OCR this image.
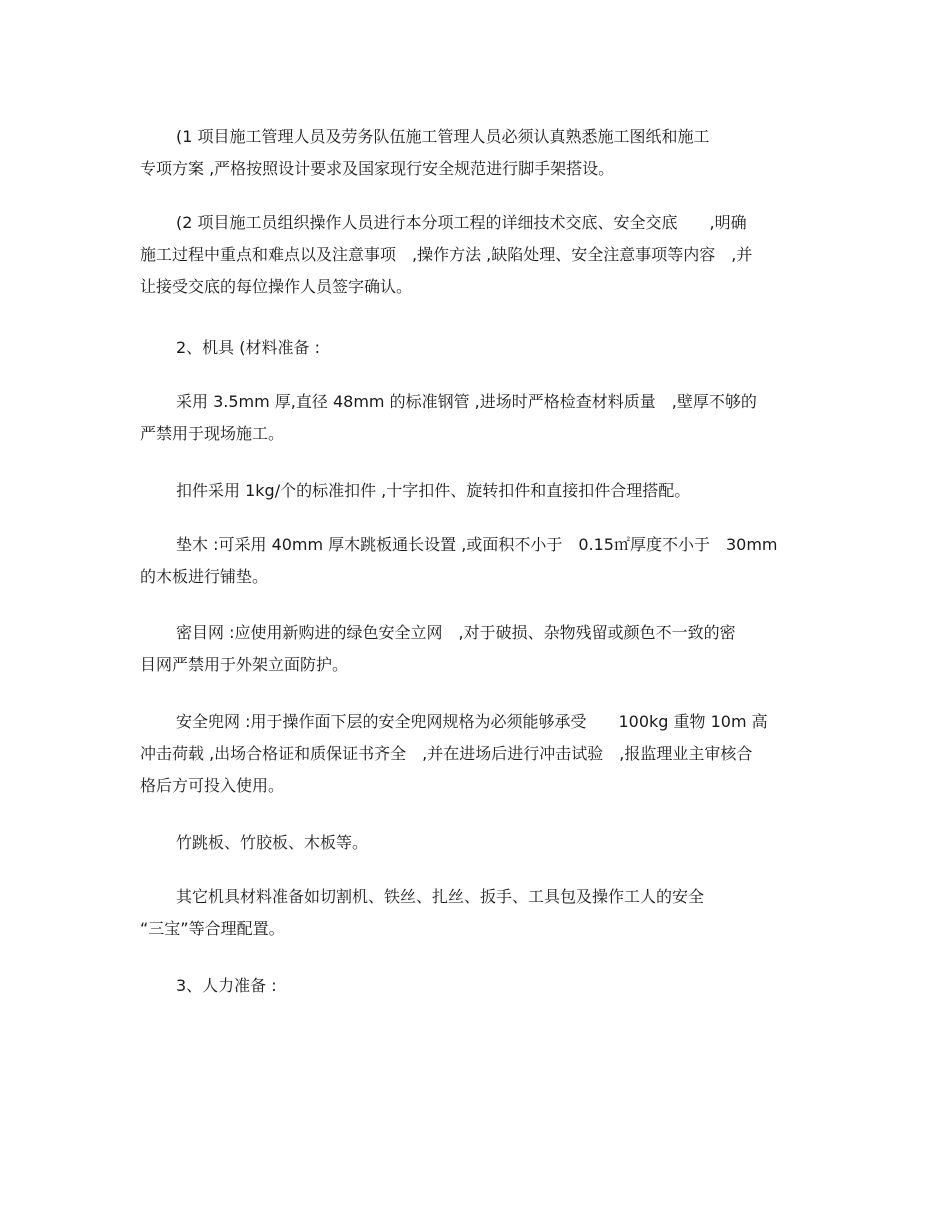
(1 项目施工管理人员及劳务队伍施工管理人员必须认真熟悉施工图纸和施工
专项方案 ,严格按照设计要求及国家现行安全规范进行脚手架搭设。
(2 项目施工员组织操作人员进行本分项工程的详细技术交底、安全交底　　,明确
施工过程中重点和难点以及注意事项　,操作方法 ,缺陷处理、安全注意事项等内容　,并
让接受交底的每位操作人员签字确认。
2、机具 (材料准备 :
采用 3.5mm 厚,直径 48mm 的标准钢管 ,进场时严格检查材料质量　,壁厚不够的
严禁用于现场施工。
扣件采用 1kg/个的标准扣件 ,十字扣件、旋转扣件和直接扣件合理搭配。
垫木 :可采用 40mm 厚木跳板通长设置 ,或面积不小于　0.15㎡厚度不小于　30mm
的木板进行铺垫。
密目网 :应使用新购进的绿色安全立网　,对于破损、杂物残留或颜色不一致的密
目网严禁用于外架立面防护。
安全兜网 :用于操作面下层的安全兜网规格为必须能够承受　　100kg 重物 10m 高
冲击荷载 ,出场合格证和质保证书齐全　,并在进场后进行冲击试验　,报监理业主审核合
格后方可投入使用。
竹跳板、竹胶板、木板等。
其它机具材料准备如切割机、铁丝、扎丝、扳手、工具包及操作工人的安全
“三宝”等合理配置。
3、人力准备 :
